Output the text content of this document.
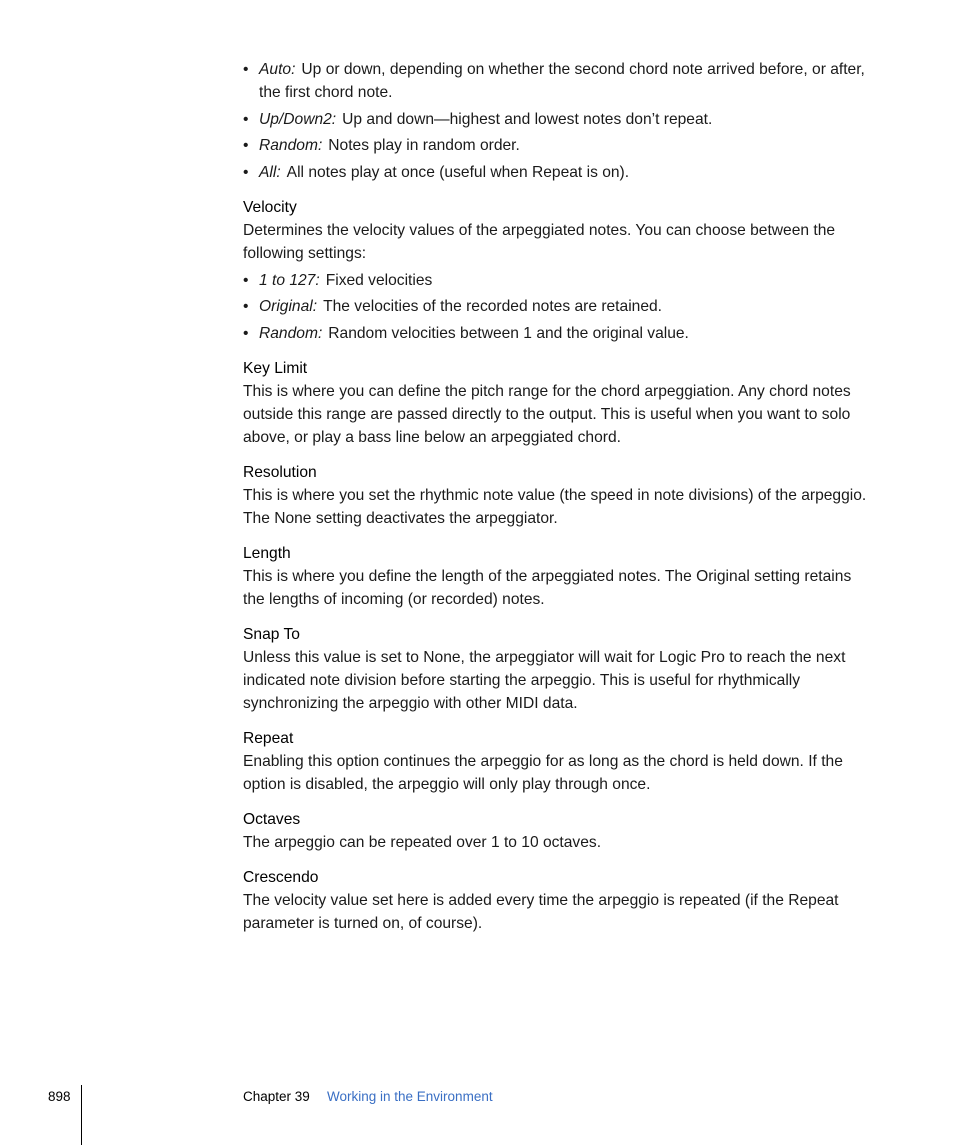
• Auto: Up or down, depending on whether the second chord note arrived before, or after, the first chord note.
• Up/Down2: Up and down—highest and lowest notes don’t repeat.
• Random: Notes play in random order.
• All: All notes play at once (useful when Repeat is on).
Velocity

Determines the velocity values of the arpeggiated notes. You can choose between the following settings:

• 1 to 127: Fixed velocities
• Original: The velocities of the recorded notes are retained.
• Random: Random velocities between 1 and the original value.
Key Limit

This is where you can define the pitch range for the chord arpeggiation. Any chord notes outside this range are passed directly to the output. This is useful when you want to solo above, or play a bass line below an arpeggiated chord.

Resolution

This is where you set the rhythmic note value (the speed in note divisions) of the arpeggio. The None setting deactivates the arpeggiator.

Length

This is where you define the length of the arpeggiated notes. The Original setting retains the lengths of incoming (or recorded) notes.

Snap To

Unless this value is set to None, the arpeggiator will wait for Logic Pro to reach the next indicated note division before starting the arpeggio. This is useful for rhythmically synchronizing the arpeggio with other MIDI data.

Repeat

Enabling this option continues the arpeggio for as long as the chord is held down. If the option is disabled, the arpeggio will only play through once.

Octaves

The arpeggio can be repeated over 1 to 10 octaves.

Crescendo

The velocity value set here is added every time the arpeggio is repeated (if the Repeat parameter is turned on, of course).

898	Chapter 39 Working in the Environment
